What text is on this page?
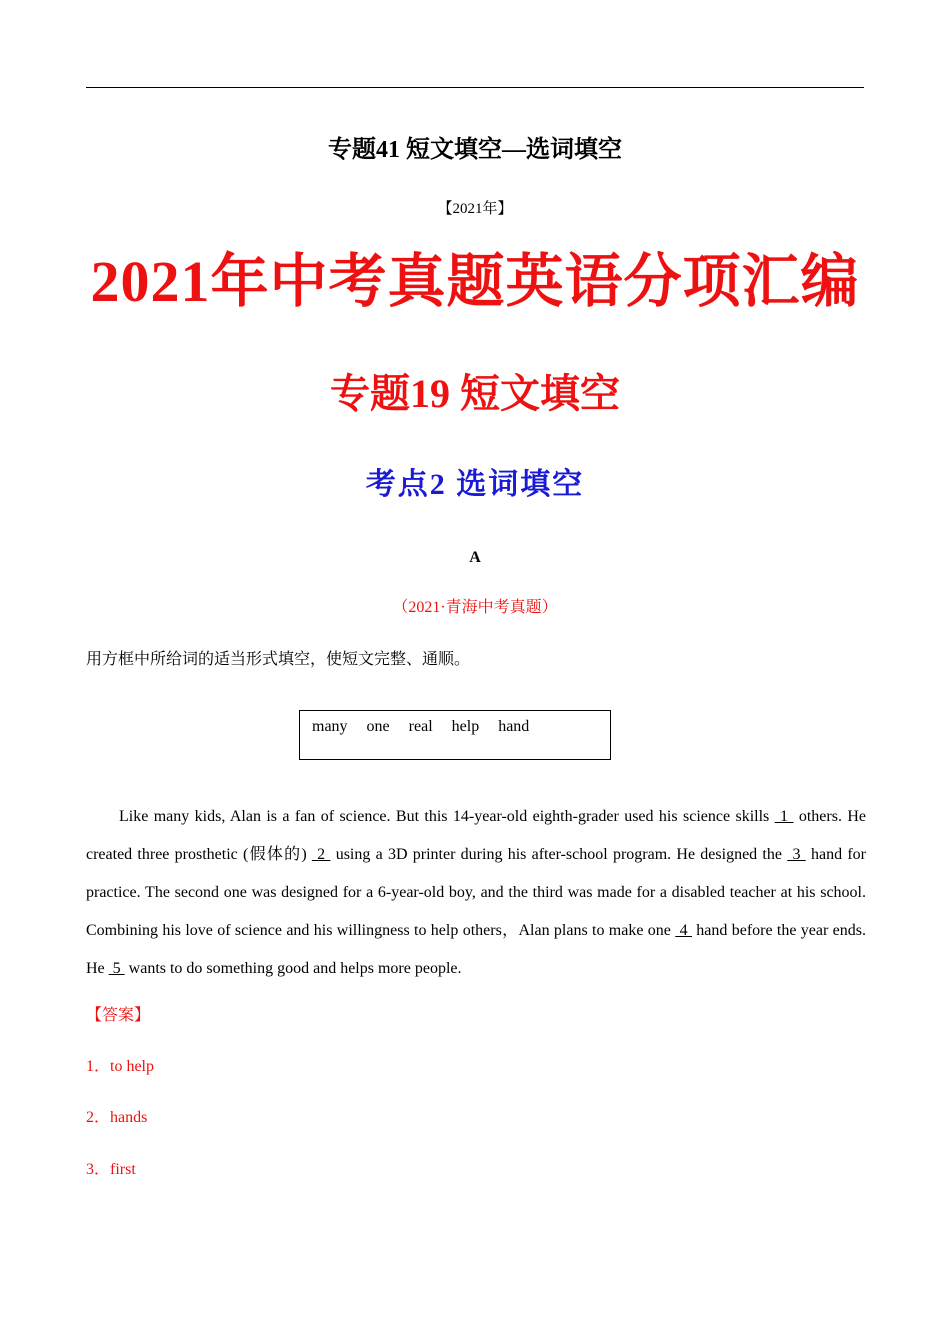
专题41 短文填空—选词填空
【2021年】
2021年中考真题英语分项汇编
专题19 短文填空
考点2 选词填空
A
（2021·青海中考真题）
用方框中所给词的适当形式填空，使短文完整、通顺。
many one real help hand
Like many kids, Alan is a fan of science. But this 14-year-old eighth-grader used his science skills  1  others. He created three prosthetic (假体的)  2  using a 3D printer during his after-school program. He designed the  3  hand for practice. The second one was designed for a 6-year-old boy, and the third was made for a disabled teacher at his school. Combining his love of science and his willingness to help others，Alan plans to make one  4  hand before the year ends. He  5  wants to do something good and helps more people.
【答案】
1．to help
2．hands
3．first
